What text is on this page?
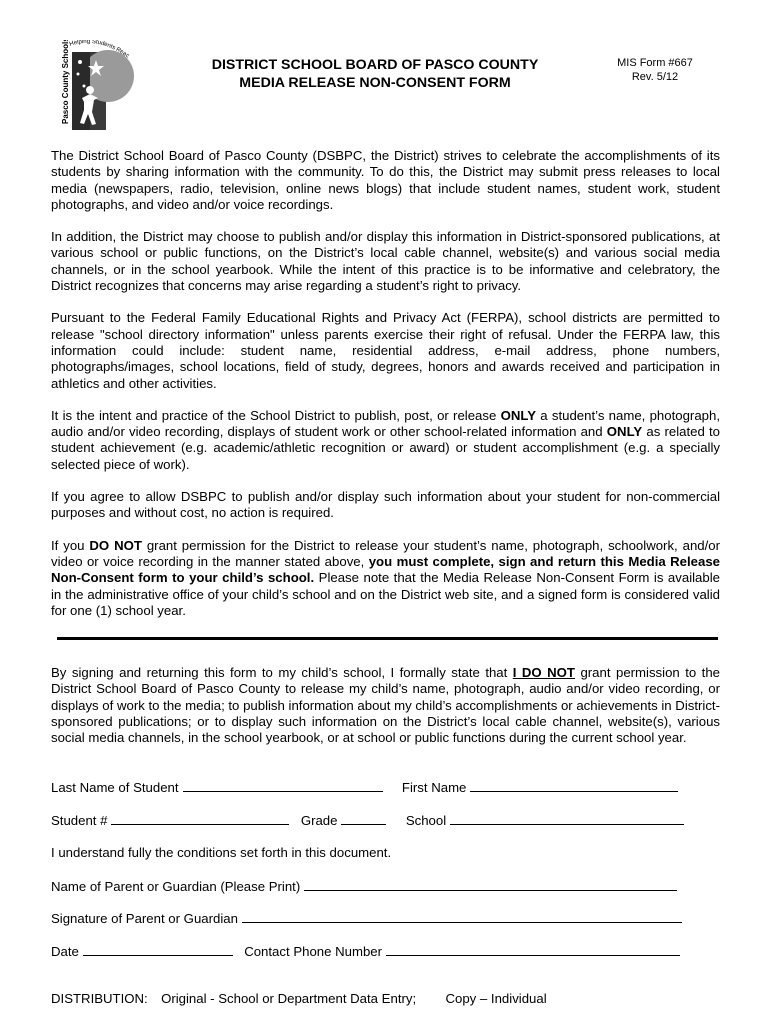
Pasco County Schools
Helping Students Reac
DISTRICT SCHOOL BOARD OF PASCO COUNTY
MEDIA RELEASE NON-CONSENT FORM
MIS Form #667
Rev. 5/12

The District School Board of Pasco County (DSBPC, the District) strives to celebrate the accomplishments of its students by sharing information with the community. To do this, the District may submit press releases to local media (newspapers, radio, television, online news blogs) that include student names, student work, student photographs, and video and/or voice recordings.

In addition, the District may choose to publish and/or display this information in District-sponsored publications, at various school or public functions, on the District’s local cable channel, website(s) and various social media channels, or in the school yearbook. While the intent of this practice is to be informative and celebratory, the District recognizes that concerns may arise regarding a student’s right to privacy.

Pursuant to the Federal Family Educational Rights and Privacy Act (FERPA), school districts are permitted to release "school directory information" unless parents exercise their right of refusal. Under the FERPA law, this information could include: student name, residential address, e-mail address, phone numbers, photographs/images, school locations, field of study, degrees, honors and awards received and participation in athletics and other activities.

It is the intent and practice of the School District to publish, post, or release ONLY a student’s name, photograph, audio and/or video recording, displays of student work or other school-related information and ONLY as related to student achievement (e.g. academic/athletic recognition or award) or student accomplishment (e.g. a specially selected piece of work).

If you agree to allow DSBPC to publish and/or display such information about your student for non-commercial purposes and without cost, no action is required.

If you DO NOT grant permission for the District to release your student’s name, photograph, schoolwork, and/or video or voice recording in the manner stated above, you must complete, sign and return this Media Release Non-Consent form to your child’s school. Please note that the Media Release Non-Consent Form is available in the administrative office of your child’s school and on the District web site, and a signed form is considered valid for one (1) school year.

By signing and returning this form to my child’s school, I formally state that I DO NOT grant permission to the District School Board of Pasco County to release my child’s name, photograph, audio and/or video recording, or displays of work to the media; to publish information about my child’s accomplishments or achievements in District-sponsored publications; or to display such information on the District’s local cable channel, website(s), various social media channels, in the school yearbook, or at school or public functions during the current school year.
Last Name of Student	First Name
Student #	Grade	School
I understand fully the conditions set forth in this document.
Name of Parent or Guardian (Please Print)
Signature of Parent or Guardian
Date	Contact Phone Number
DISTRIBUTION: Original - School or Department Data Entry; Copy – Individual
